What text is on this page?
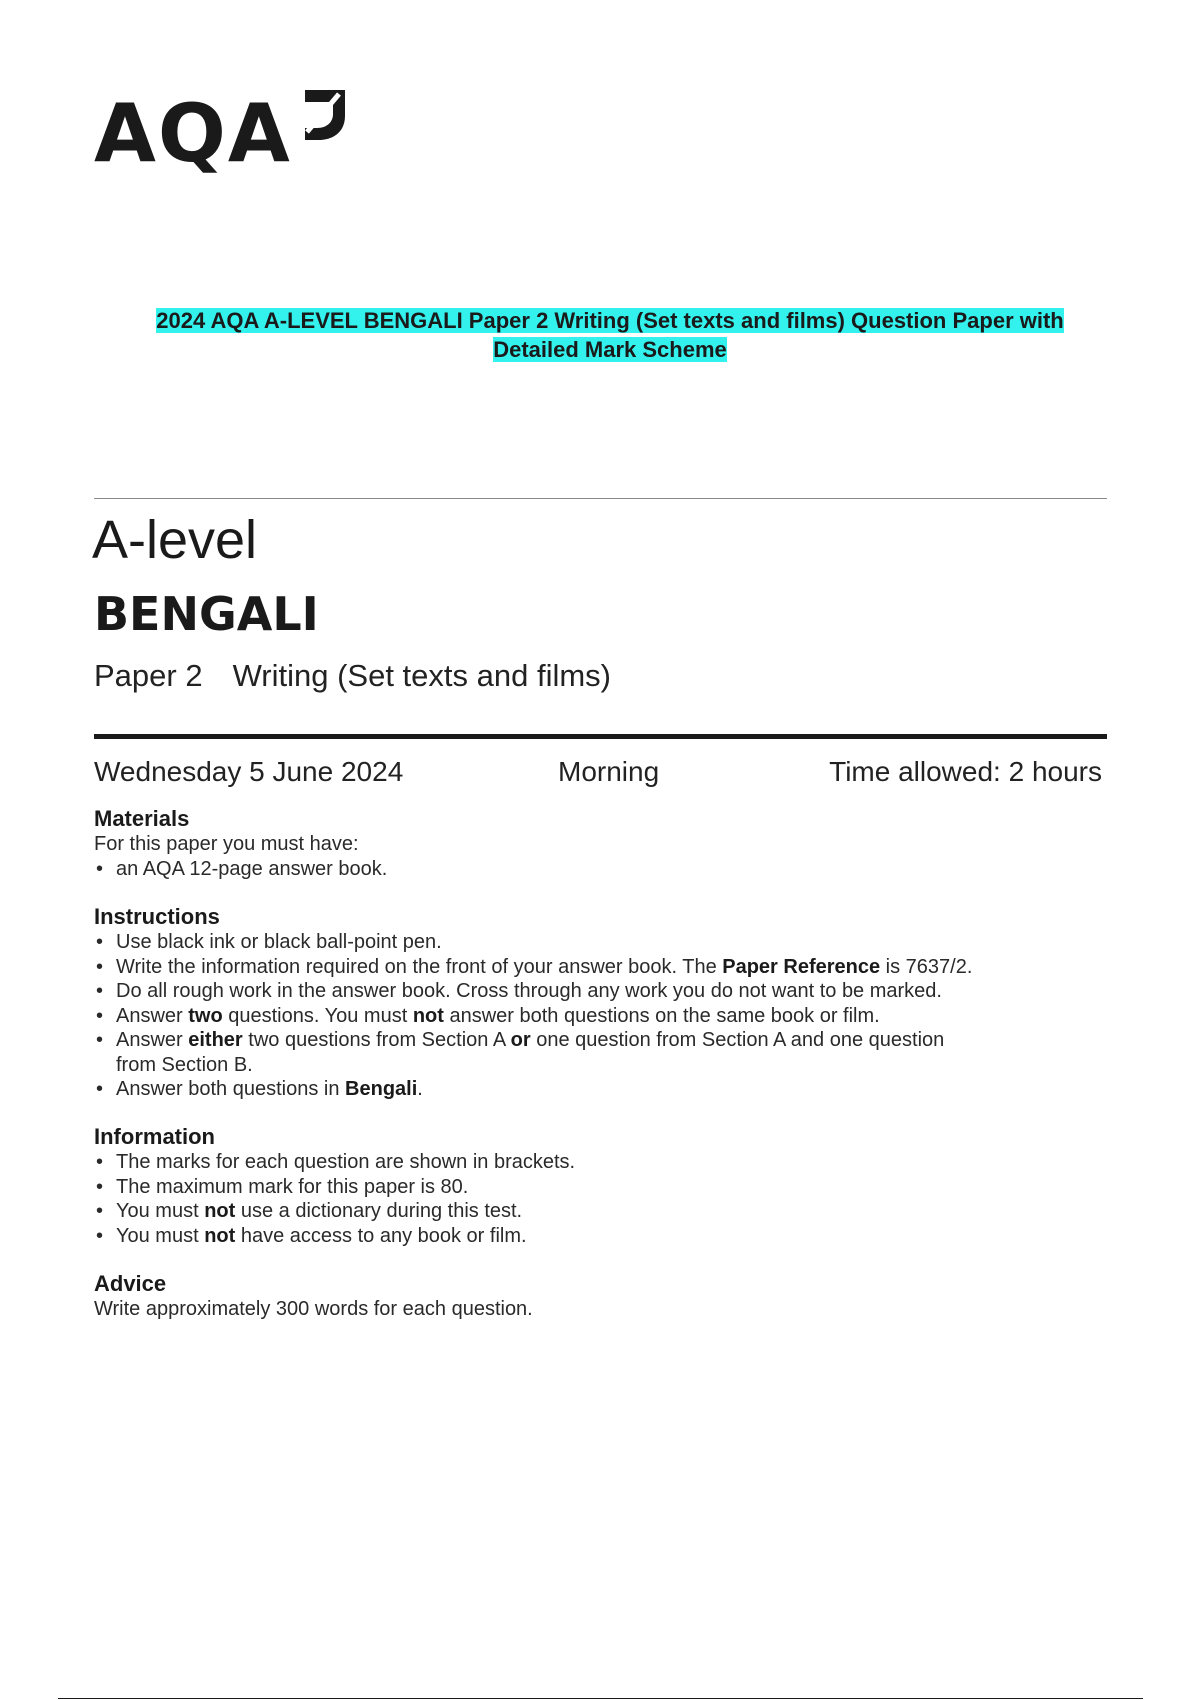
AQA
2024 AQA A-LEVEL BENGALI Paper 2 Writing (Set texts and films) Question Paper with
Detailed Mark Scheme
A-level
BENGALI
Paper 2 Writing (Set texts and films)
Wednesday 5 June 2024	Morning	Time allowed: 2 hours
Materials

For this paper you must have:

• an AQA 12-page answer book.
Instructions
• Use black ink or black ball-point pen.
• Write the information required on the front of your answer book. The Paper Reference is 7637/2.
• Do all rough work in the answer book. Cross through any work you do not want to be marked.
• Answer two questions. You must not answer both questions on the same book or film.
• Answer either two questions from Section A or one question from Section A and one question
from Section B.
• Answer both questions in Bengali.
Information
• The marks for each question are shown in brackets.
• The maximum mark for this paper is 80.
• You must not use a dictionary during this test.
• You must not have access to any book or film.
Advice

Write approximately 300 words for each question.
